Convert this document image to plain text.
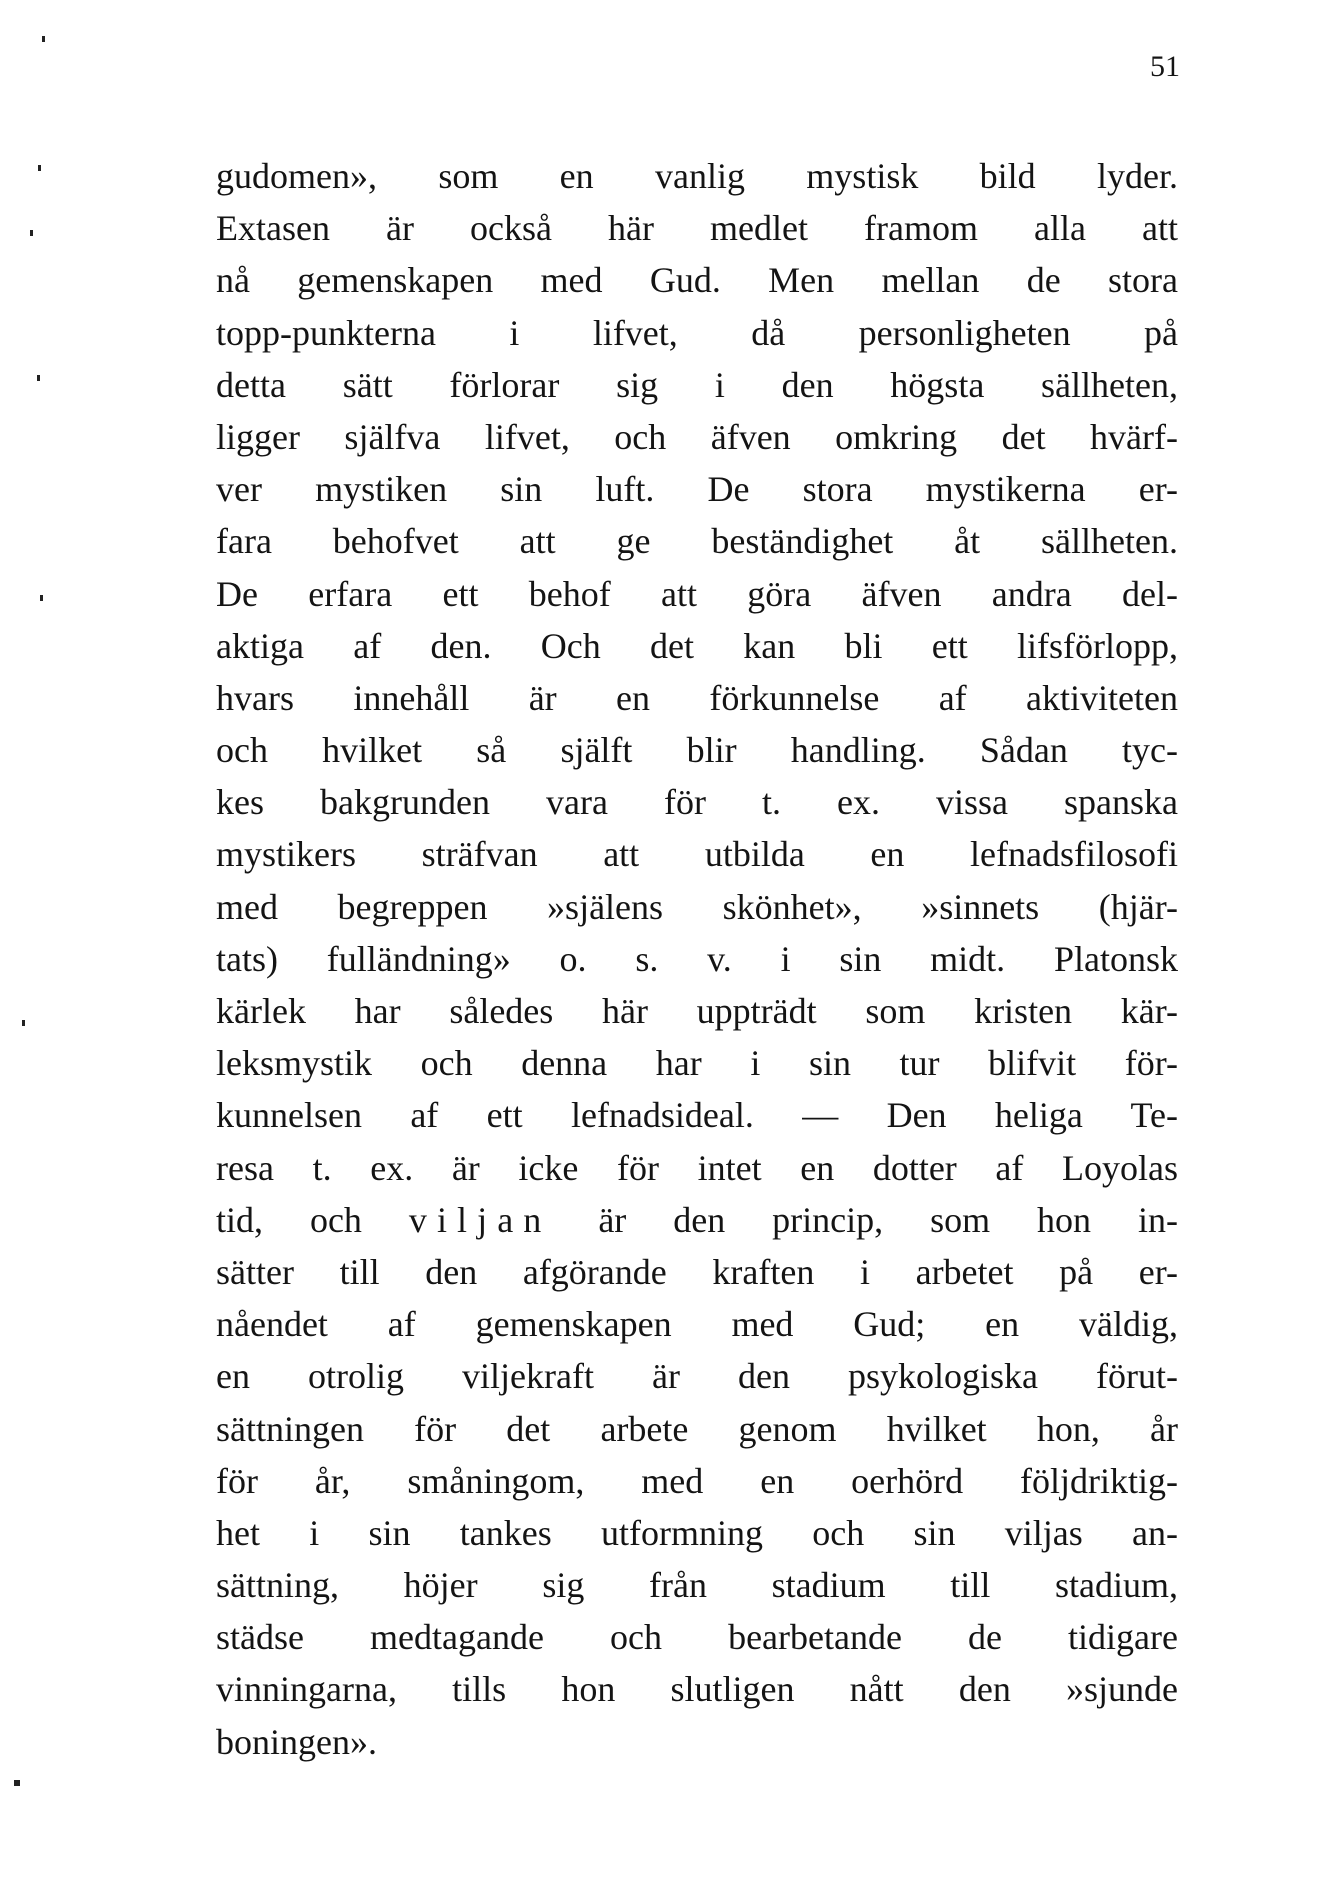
51
gudomen», som en vanlig mystisk bild lyder.
Extasen är också här medlet framom alla att
nå gemenskapen med Gud. Men mellan de stora
topp-punkterna i lifvet, då personligheten på
detta sätt förlorar sig i den högsta sällheten,
ligger själfva lifvet, och äfven omkring det hvärf-
ver mystiken sin luft. De stora mystikerna er-
fara behofvet att ge beständighet åt sällheten.
De erfara ett behof att göra äfven andra del-
aktiga af den. Och det kan bli ett lifsförlopp,
hvars innehåll är en förkunnelse af aktiviteten
och hvilket så själft blir handling. Sådan tyc-
kes bakgrunden vara för t. ex. vissa spanska
mystikers sträfvan att utbilda en lefnadsfilosofi
med begreppen »själens skönhet», »sinnets (hjär-
tats) fulländning» o. s. v. i sin midt. Platonsk
kärlek har således här uppträdt som kristen kär-
leksmystik och denna har i sin tur blifvit för-
kunnelsen af ett lefnadsideal. — Den heliga Te-
resa t. ex. är icke för intet en dotter af Loyolas
tid, och viljan är den princip, som hon in-
sätter till den afgörande kraften i arbetet på er-
nåendet af gemenskapen med Gud; en väldig,
en otrolig viljekraft är den psykologiska förut-
sättningen för det arbete genom hvilket hon, år
för år, småningom, med en oerhörd följdriktig-
het i sin tankes utformning och sin viljas an-
sättning, höjer sig från stadium till stadium,
städse medtagande och bearbetande de tidigare
vinningarna, tills hon slutligen nått den »sjunde
boningen».
